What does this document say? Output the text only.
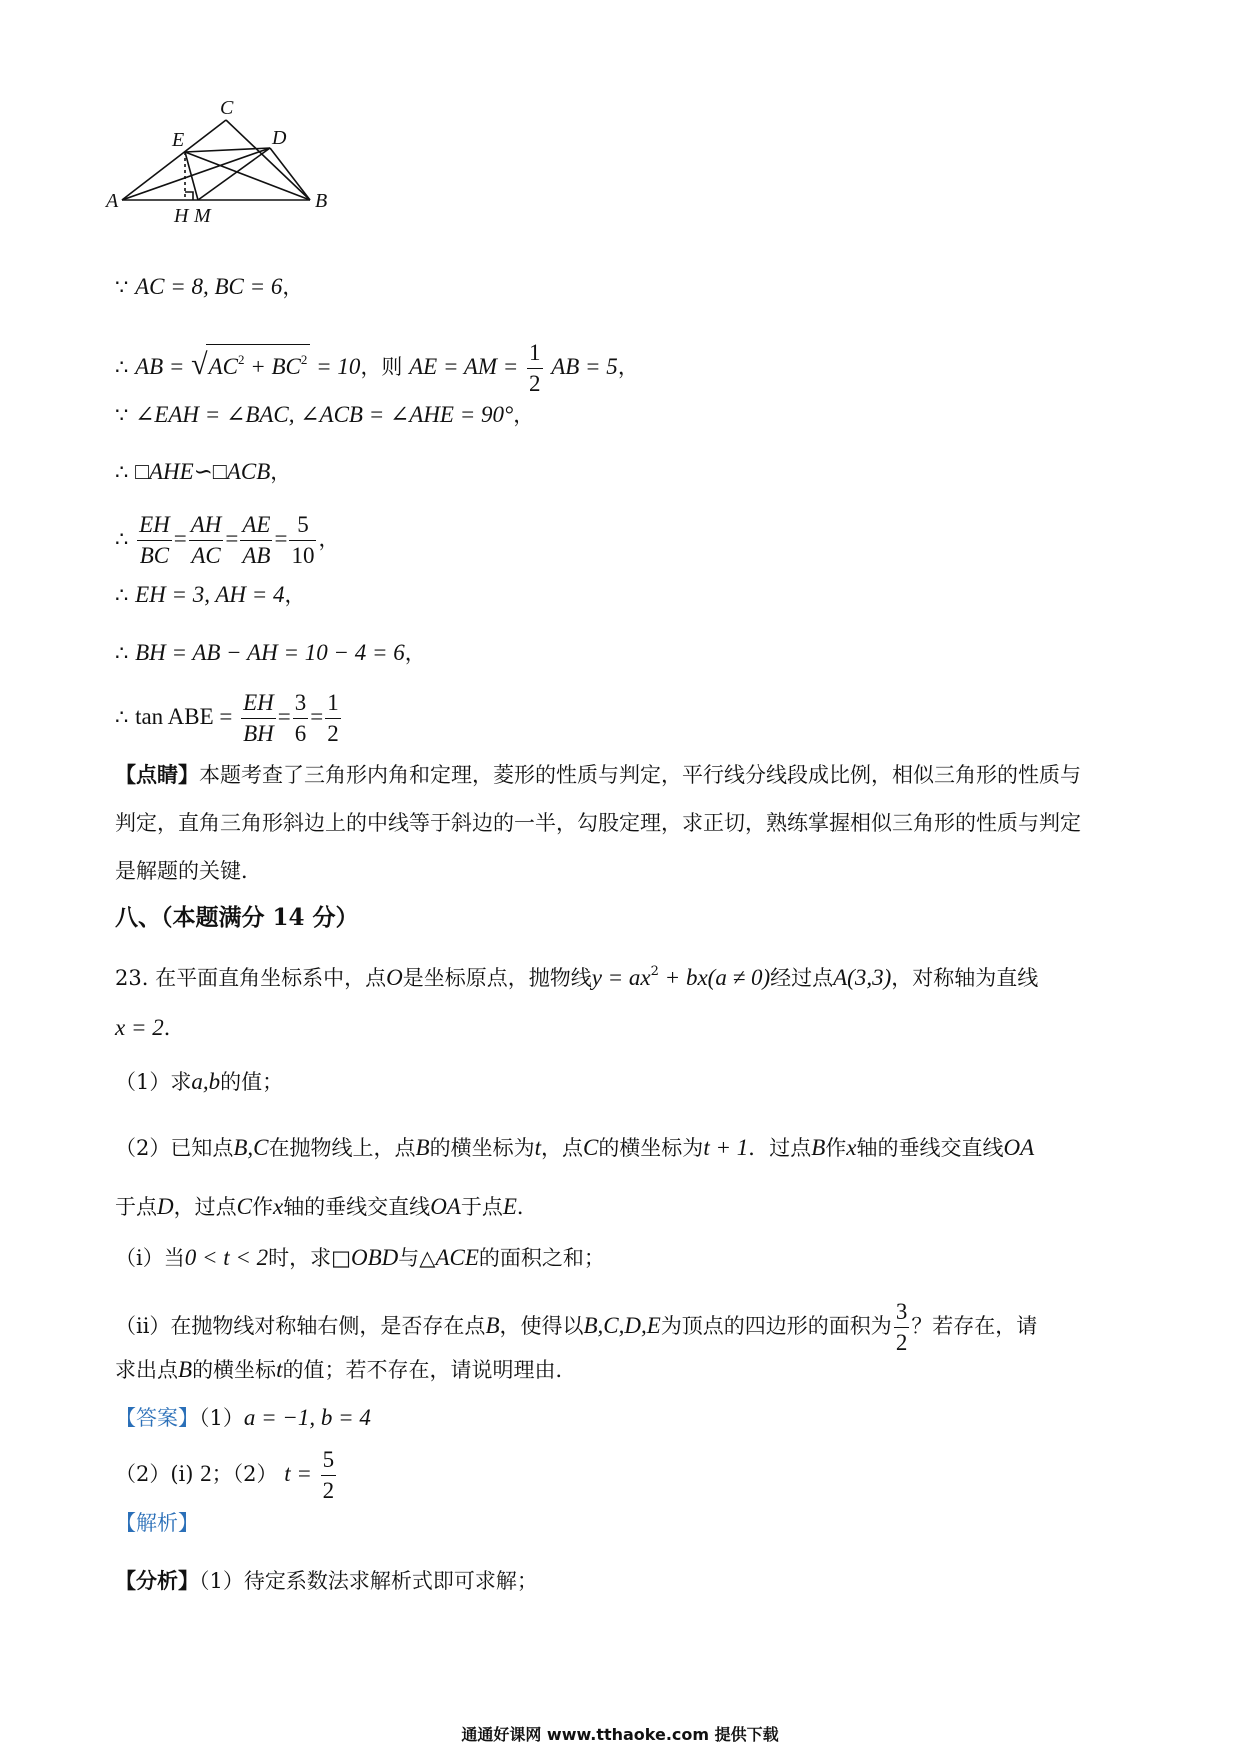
A	B
C
D
E
H M
∵ AC = 8, BC = 6，
∴ AB = $√AC^2 + BC^2 = 10$，则 AE = AM = $\frac{1}{2}$ AB = 5，
∵ ∠EAH = ∠BAC, ∠ACB = ∠AHE = 90°，
∴ □AHE∽□ACB，
∴ $\frac{EH}{BC} = \frac{AH}{AC} = \frac{AE}{AB} = \frac{5}{10}$ ，
∴ EH = 3, AH = 4，
∴ BH = AB − AH = 10 − 4 = 6，
∴ tan ABE = $\frac{EH}{BH} = \frac{3}{6} = \frac{1}{2}$
【点睛】本题考查了三角形内角和定理，菱形的性质与判定，平行线分线段成比例，相似三角形的性质与
判定，直角三角形斜边上的中线等于斜边的一半，勾股定理，求正切，熟练掌握相似三角形的性质与判定
是解题的关键．
八、（本题满分 14 分）
23. 在平面直角坐标系中，点O是坐标原点，抛物线$y = ax^2 + bx(a \ne 0)$经过点A(3,3)，对称轴为直线
x = 2．
（1）求a,b的值；
（2）已知点B,C在抛物线上，点B的横坐标为t，点C的横坐标为t + 1．过点B作x轴的垂线交直线OA
于点D，过点C作x轴的垂线交直线OA于点E．
（ⅰ）当0 < t < 2时，求□OBD与△ACE的面积之和；
（ⅱ）在抛物线对称轴右侧，是否存在点B，使得以B,C,D,E为顶点的四边形的面积为 $\frac{3}{2}$ ？若存在，请
求出点B的横坐标t的值；若不存在，请说明理由．
【答案】（1）a = −1, b = 4
（2）(i) 2；（2） $t = \frac{5}{2}$
【解析】
【分析】（1）待定系数法求解析式即可求解；
通通好课网 www.tthaoke.com 提供下载
